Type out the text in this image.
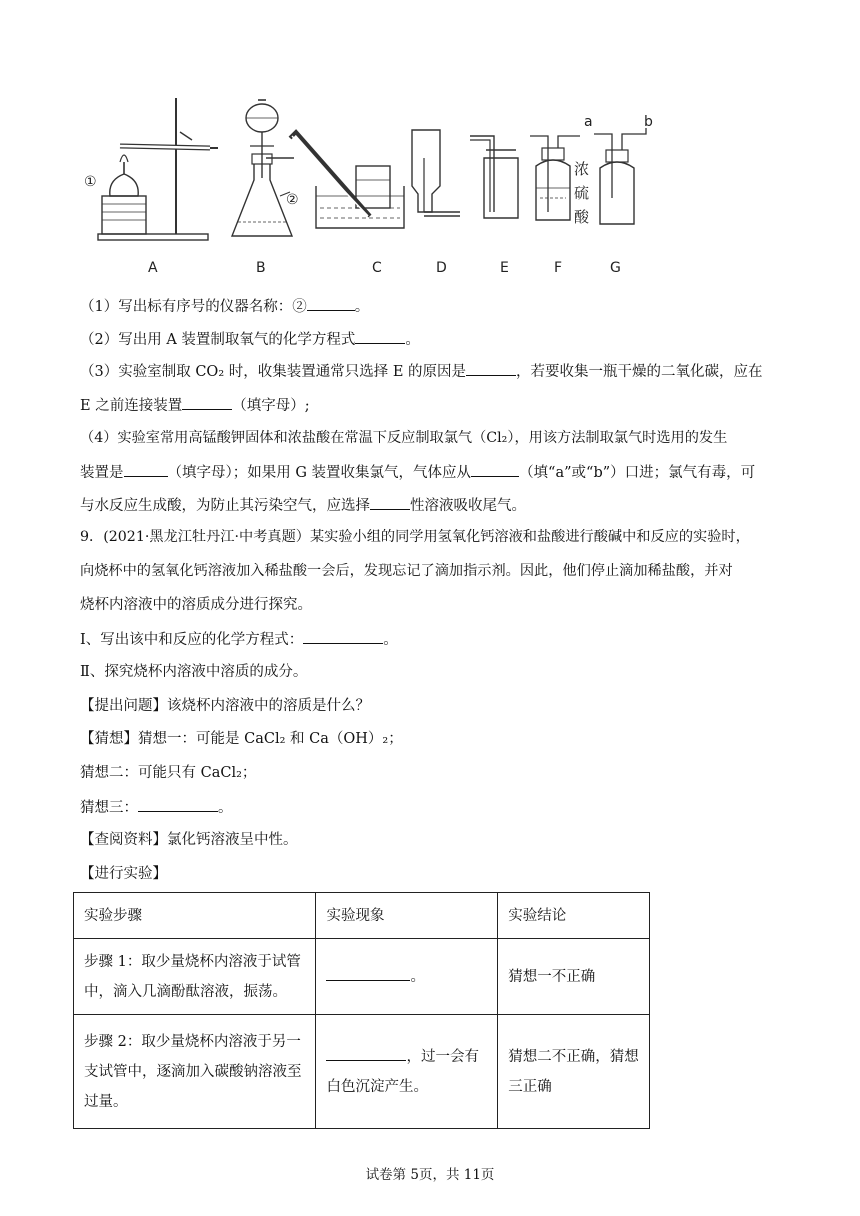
①
②
a	b
浓
硫
酸
A	B	C	D	E	F	G
（1）写出标有序号的仪器名称：②	。
（2）写出用 A 装置制取氧气的化学方程式	。
（3）实验室制取 CO₂ 时，收集装置通常只选择 E 的原因是	，若要收集一瓶干燥的二氧化碳，应在
E 之前连接装置	（填字母）;
（4）实验室常用高锰酸钾固体和浓盐酸在常温下反应制取氯气（Cl₂），用该方法制取氯气时选用的发生
装置是	（填字母）；如果用 G 装置收集氯气，气体应从	（填“a”或“b”）口进；氯气有毒，可
与水反应生成酸，为防止其污染空气，应选择	性溶液吸收尾气。
9．(2021·黑龙江牡丹江·中考真题）某实验小组的同学用氢氧化钙溶液和盐酸进行酸碱中和反应的实验时，
向烧杯中的氢氧化钙溶液加入稀盐酸一会后，发现忘记了滴加指示剂。因此，他们停止滴加稀盐酸，并对
烧杯内溶液中的溶质成分进行探究。
Ⅰ、写出该中和反应的化学方程式：	。
Ⅱ、探究烧杯内溶液中溶质的成分。
【提出问题】该烧杯内溶液中的溶质是什么？
【猜想】猜想一：可能是 CaCl₂ 和 Ca（OH）₂；
猜想二：可能只有 CaCl₂；
猜想三：	。
【查阅资料】氯化钙溶液呈中性。
【进行实验】
实验步骤	实验现象	实验结论
步骤 1：取少量烧杯内溶液于试管中，滴入几滴酚酞溶液，振荡。	。	猜想一不正确
步骤 2：取少量烧杯内溶液于另一支试管中，逐滴加入碳酸钠溶液至过量。	，过一会有白色沉淀产生。	猜想二不正确，猜想三正确
试卷第 5页，共 11页
